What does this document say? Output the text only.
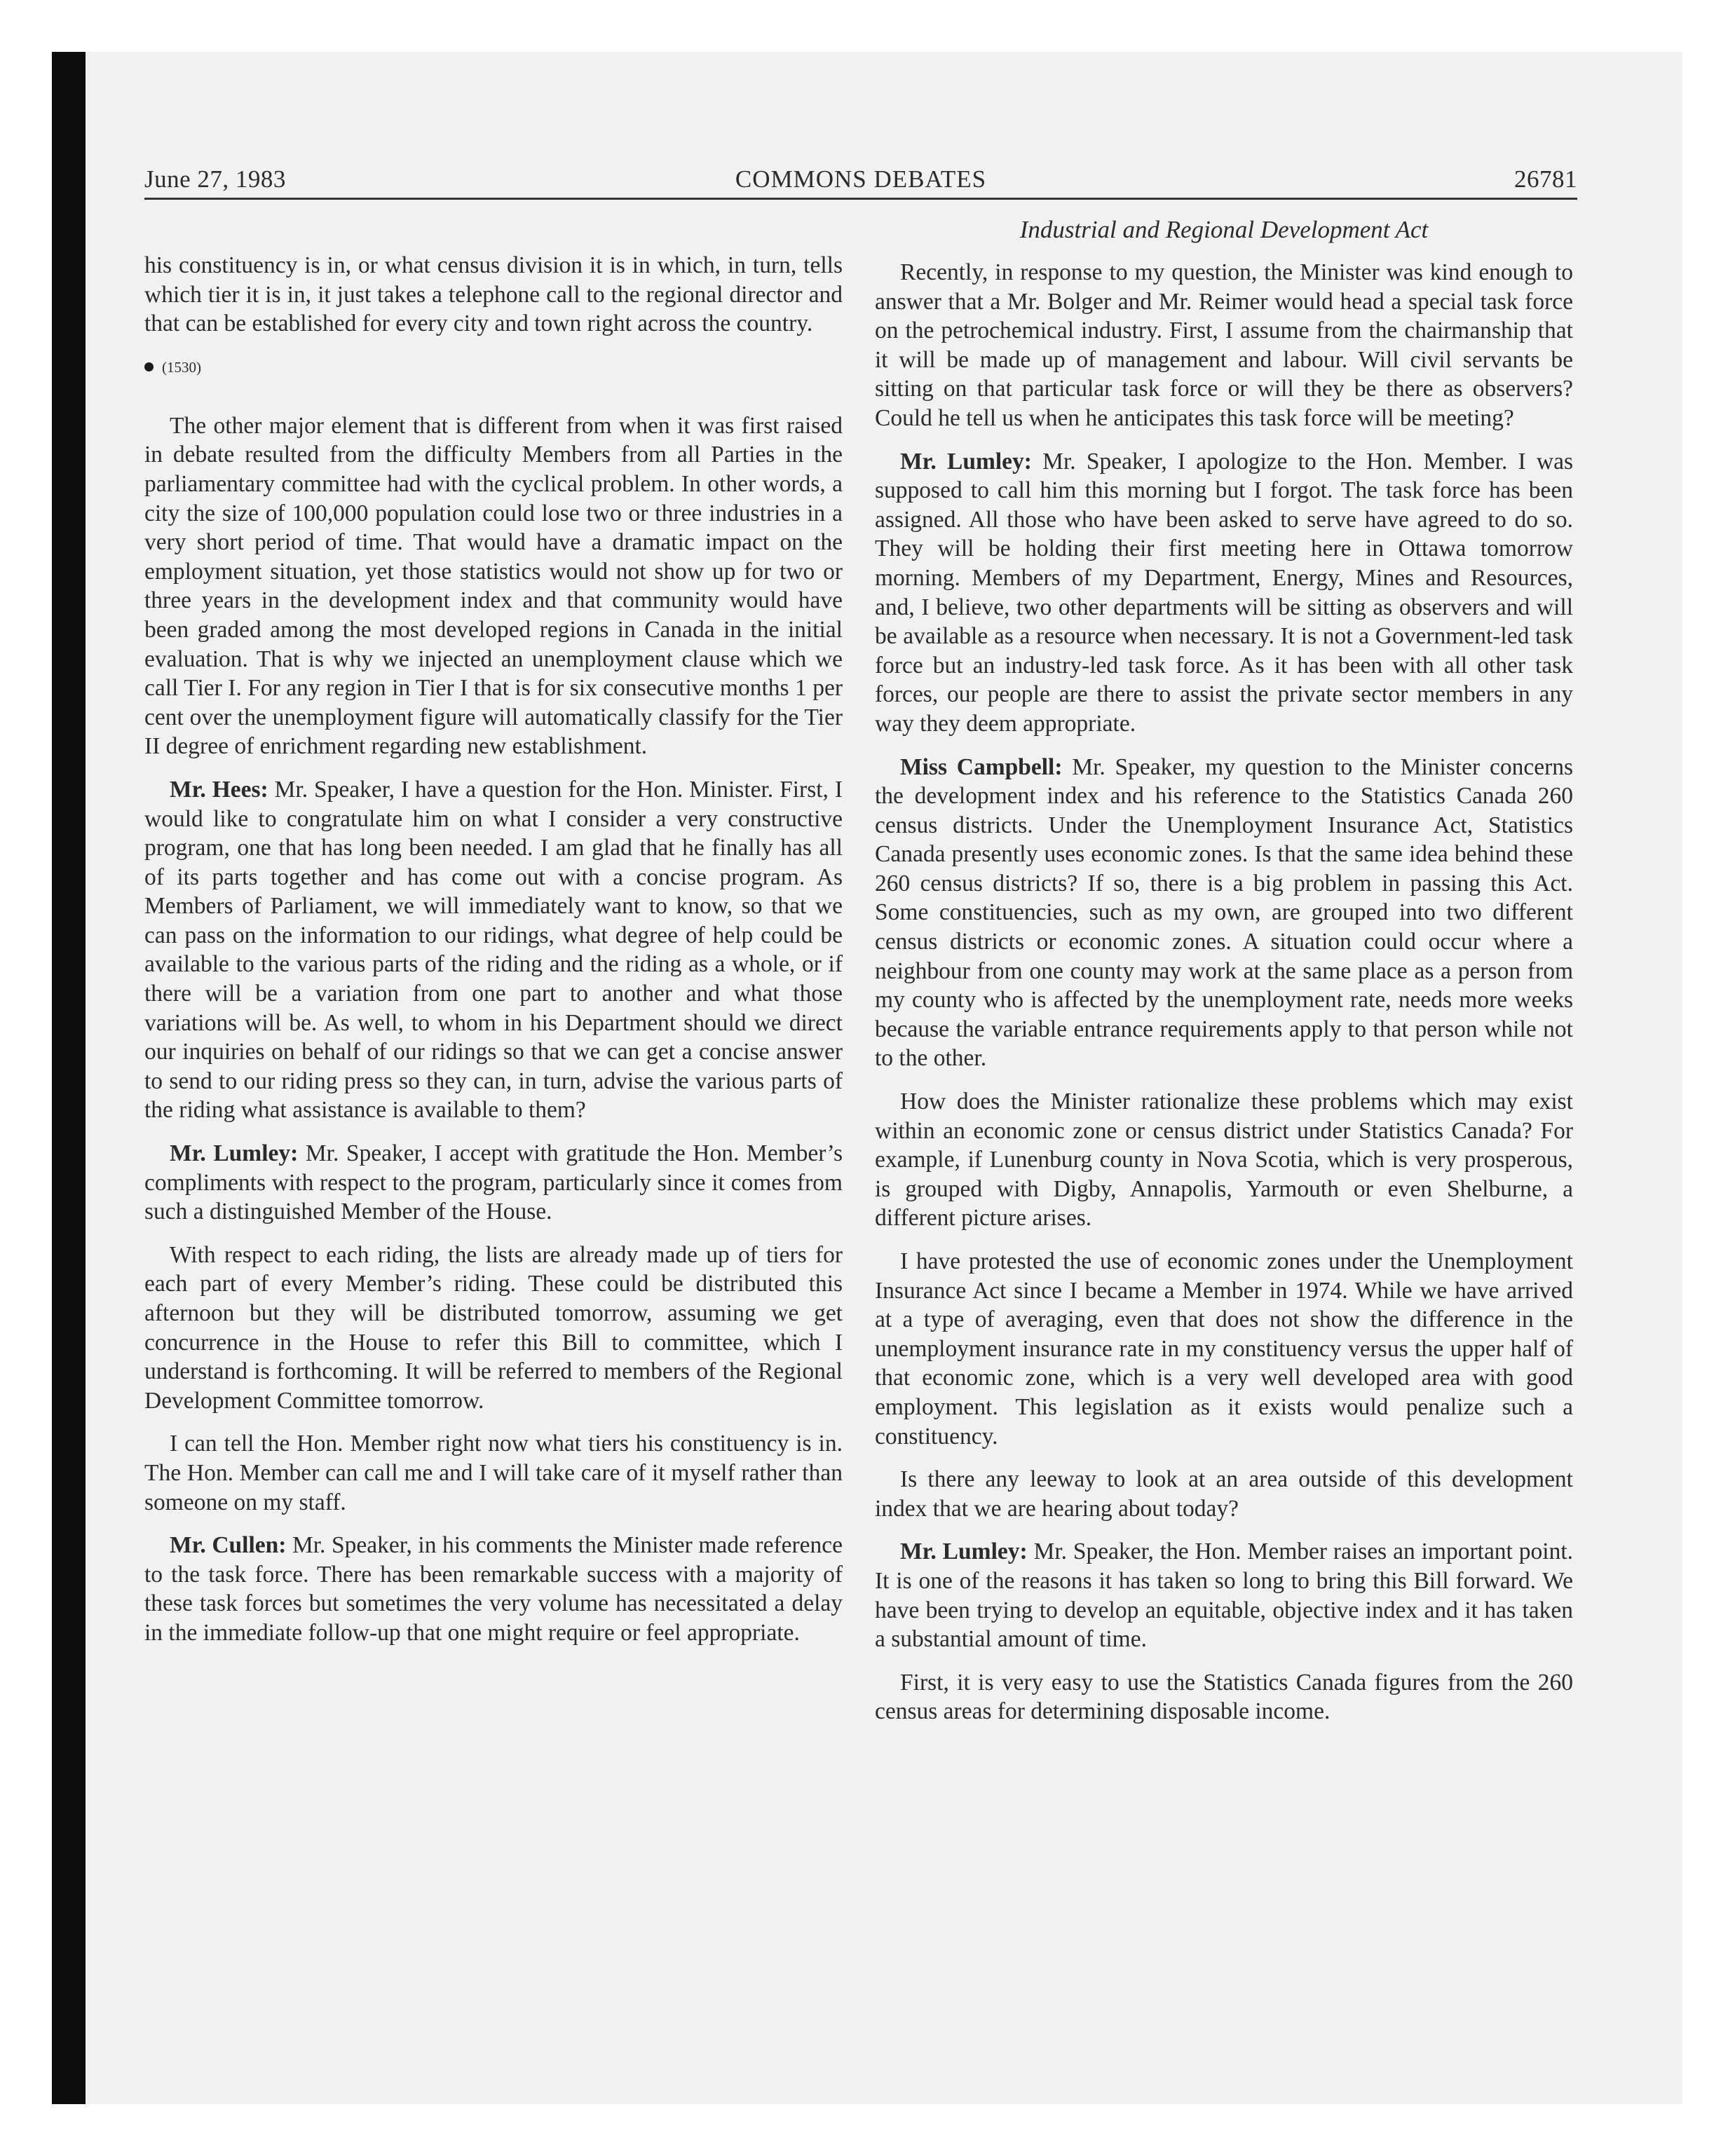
June 27, 1983	COMMONS DEBATES	26781

his constituency is in, or what census division it is in which, in turn, tells which tier it is in, it just takes a telephone call to the regional director and that can be established for every city and town right across the country.

(1530)

The other major element that is different from when it was first raised in debate resulted from the difficulty Members from all Parties in the parliamentary committee had with the cyclical problem. In other words, a city the size of 100,000 population could lose two or three industries in a very short period of time. That would have a dramatic impact on the employment situation, yet those statistics would not show up for two or three years in the development index and that community would have been graded among the most developed regions in Canada in the initial evaluation. That is why we injected an unemployment clause which we call Tier I. For any region in Tier I that is for six consecutive months 1 per cent over the unemployment figure will automatically classify for the Tier II degree of enrichment regarding new establishment.

Mr. Hees: Mr. Speaker, I have a question for the Hon. Minister. First, I would like to congratulate him on what I consider a very constructive program, one that has long been needed. I am glad that he finally has all of its parts together and has come out with a concise program. As Members of Parliament, we will immediately want to know, so that we can pass on the information to our ridings, what degree of help could be available to the various parts of the riding and the riding as a whole, or if there will be a variation from one part to another and what those variations will be. As well, to whom in his Department should we direct our inquiries on behalf of our ridings so that we can get a concise answer to send to our riding press so they can, in turn, advise the various parts of the riding what assistance is available to them?

Mr. Lumley: Mr. Speaker, I accept with gratitude the Hon. Member’s compliments with respect to the program, particularly since it comes from such a distinguished Member of the House.

With respect to each riding, the lists are already made up of tiers for each part of every Member’s riding. These could be distributed this afternoon but they will be distributed tomorrow, assuming we get concurrence in the House to refer this Bill to committee, which I understand is forthcoming. It will be referred to members of the Regional Development Committee tomorrow.

I can tell the Hon. Member right now what tiers his constituency is in. The Hon. Member can call me and I will take care of it myself rather than someone on my staff.

Mr. Cullen: Mr. Speaker, in his comments the Minister made reference to the task force. There has been remarkable success with a majority of these task forces but sometimes the very volume has necessitated a delay in the immediate follow-up that one might require or feel appropriate.

Industrial and Regional Development Act

Recently, in response to my question, the Minister was kind enough to answer that a Mr. Bolger and Mr. Reimer would head a special task force on the petrochemical industry. First, I assume from the chairmanship that it will be made up of management and labour. Will civil servants be sitting on that particular task force or will they be there as observers? Could he tell us when he anticipates this task force will be meeting?

Mr. Lumley: Mr. Speaker, I apologize to the Hon. Member. I was supposed to call him this morning but I forgot. The task force has been assigned. All those who have been asked to serve have agreed to do so. They will be holding their first meeting here in Ottawa tomorrow morning. Members of my Department, Energy, Mines and Resources, and, I believe, two other departments will be sitting as observers and will be available as a resource when necessary. It is not a Government-led task force but an industry-led task force. As it has been with all other task forces, our people are there to assist the private sector members in any way they deem appropriate.

Miss Campbell: Mr. Speaker, my question to the Minister concerns the development index and his reference to the Statistics Canada 260 census districts. Under the Unemployment Insurance Act, Statistics Canada presently uses economic zones. Is that the same idea behind these 260 census districts? If so, there is a big problem in passing this Act. Some constituencies, such as my own, are grouped into two different census districts or economic zones. A situation could occur where a neighbour from one county may work at the same place as a person from my county who is affected by the unemployment rate, needs more weeks because the variable entrance requirements apply to that person while not to the other.

How does the Minister rationalize these problems which may exist within an economic zone or census district under Statistics Canada? For example, if Lunenburg county in Nova Scotia, which is very prosperous, is grouped with Digby, Annapolis, Yarmouth or even Shelburne, a different picture arises.

I have protested the use of economic zones under the Unemployment Insurance Act since I became a Member in 1974. While we have arrived at a type of averaging, even that does not show the difference in the unemployment insurance rate in my constituency versus the upper half of that economic zone, which is a very well developed area with good employment. This legislation as it exists would penalize such a constituency.

Is there any leeway to look at an area outside of this development index that we are hearing about today?

Mr. Lumley: Mr. Speaker, the Hon. Member raises an important point. It is one of the reasons it has taken so long to bring this Bill forward. We have been trying to develop an equitable, objective index and it has taken a substantial amount of time.

First, it is very easy to use the Statistics Canada figures from the 260 census areas for determining disposable income.
